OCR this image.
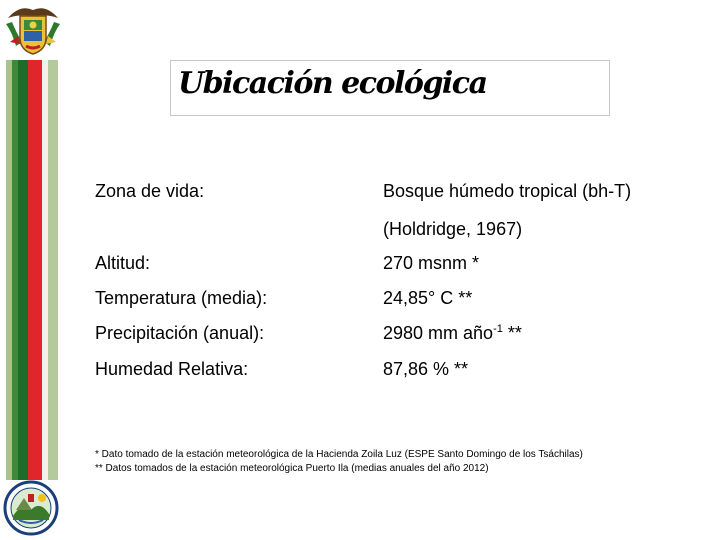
Ubicación ecológica
Zona de vida:	Bosque húmedo tropical (bh-T)
(Holdridge, 1967)
Altitud:	270 msnm *
Temperatura (media):	24,85° C **
Precipitación (anual):	2980 mm año$^{-1}$ **
Humedad Relativa:	87,86 % **
* Dato tomado de la estación meteorológica de la Hacienda Zoila Luz (ESPE Santo Domingo de los Tsáchilas)
** Datos tomados de la estación meteorológica Puerto Ila (medias anuales del año 2012)
